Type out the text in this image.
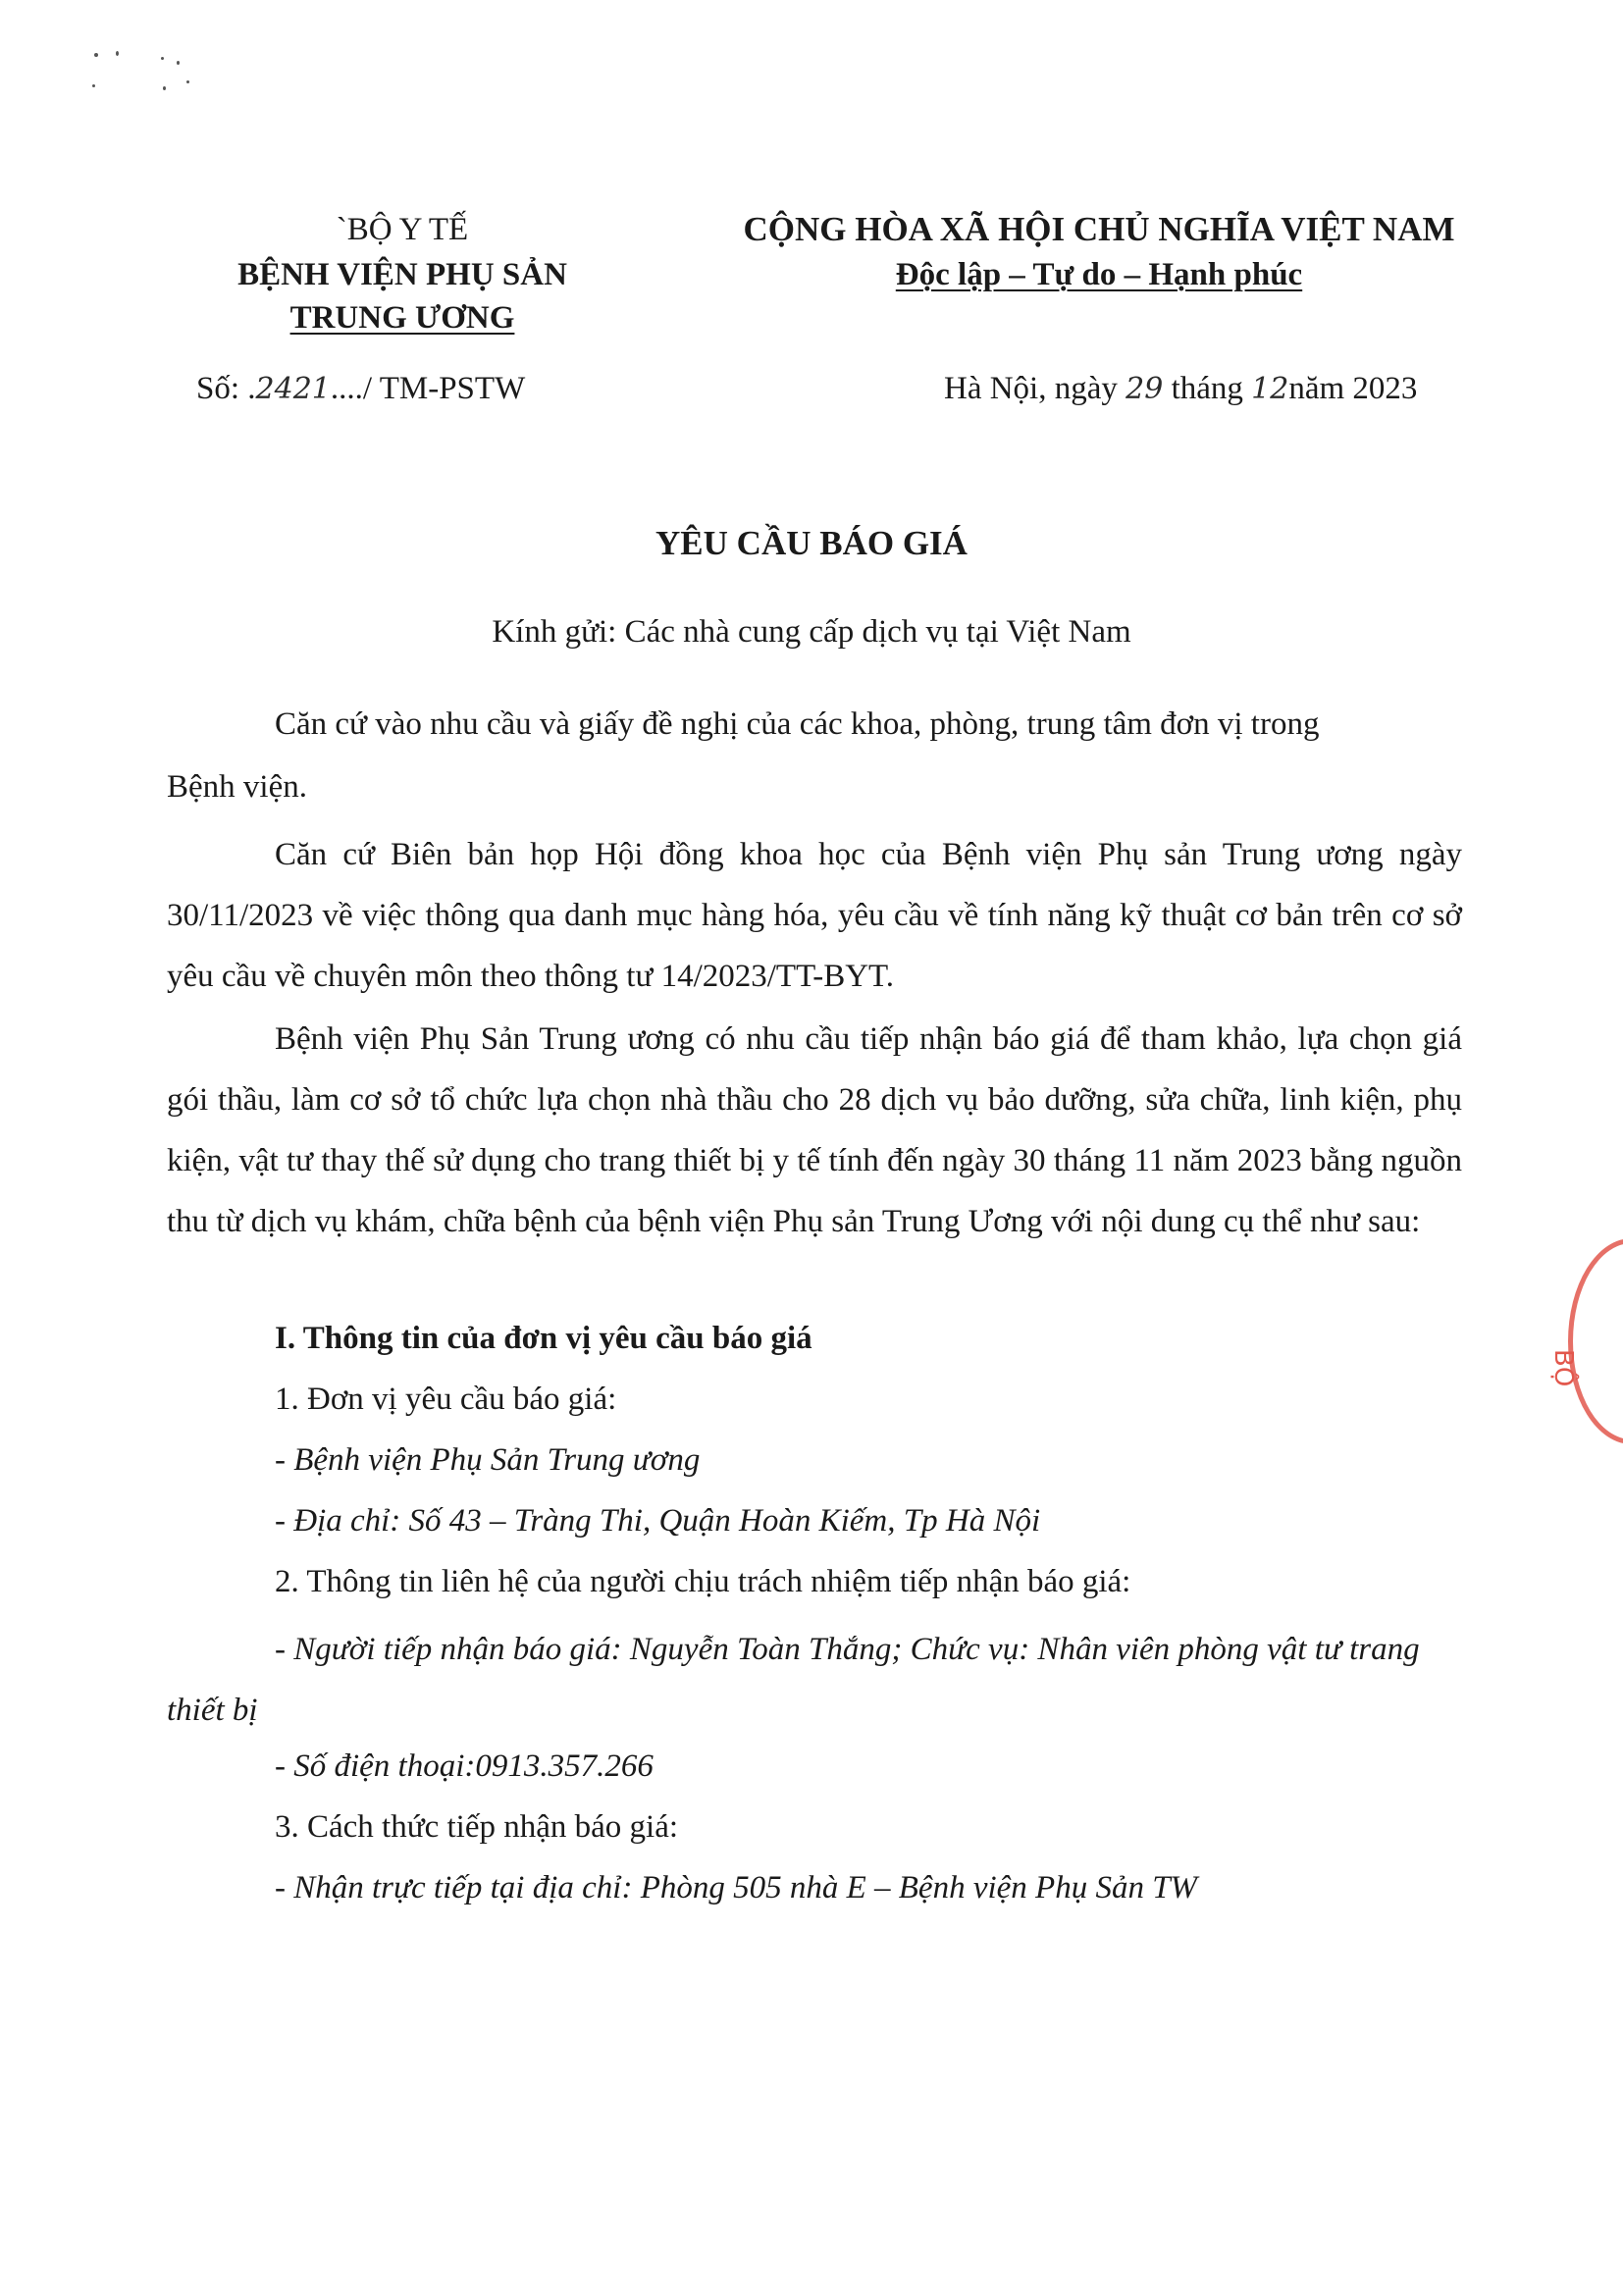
`BỘ Y TẾ
BỆNH VIỆN PHỤ SẢN
TRUNG ƯƠNG
Số: .2421..../ TM-PSTW
CỘNG HÒA XÃ HỘI CHỦ NGHĨA VIỆT NAM
Độc lập – Tự do – Hạnh phúc
Hà Nội, ngày 29 tháng 12năm 2023
YÊU CẦU BÁO GIÁ
Kính gửi: Các nhà cung cấp dịch vụ tại Việt Nam
Căn cứ vào nhu cầu và giấy đề nghị của các khoa, phòng, trung tâm đơn vị trong
Bệnh viện.
Căn cứ Biên bản họp Hội đồng khoa học của Bệnh viện Phụ sản Trung ương ngày 30/11/2023 về việc thông qua danh mục hàng hóa, yêu cầu về tính năng kỹ thuật cơ bản trên cơ sở yêu cầu về chuyên môn theo thông tư 14/2023/TT-BYT.
Bệnh viện Phụ Sản Trung ương có nhu cầu tiếp nhận báo giá để tham khảo, lựa chọn giá gói thầu, làm cơ sở tổ chức lựa chọn nhà thầu cho 28 dịch vụ bảo dưỡng, sửa chữa, linh kiện, phụ kiện, vật tư thay thế sử dụng cho trang thiết bị y tế tính đến ngày 30 tháng 11 năm 2023 bằng nguồn thu từ dịch vụ khám, chữa bệnh của bệnh viện Phụ sản Trung Ương với nội dung cụ thể như sau:
I. Thông tin của đơn vị yêu cầu báo giá
1. Đơn vị yêu cầu báo giá:
- Bệnh viện Phụ Sản Trung ương
- Địa chỉ: Số 43 – Tràng Thi, Quận Hoàn Kiếm, Tp Hà Nội
2. Thông tin liên hệ của người chịu trách nhiệm tiếp nhận báo giá:
- Người tiếp nhận báo giá: Nguyễn Toàn Thắng; Chức vụ: Nhân viên phòng vật tư trang thiết bị
- Số điện thoại:0913.357.266
3. Cách thức tiếp nhận báo giá:
- Nhận trực tiếp tại địa chỉ: Phòng 505 nhà E – Bệnh viện Phụ Sản TW
BỘ
